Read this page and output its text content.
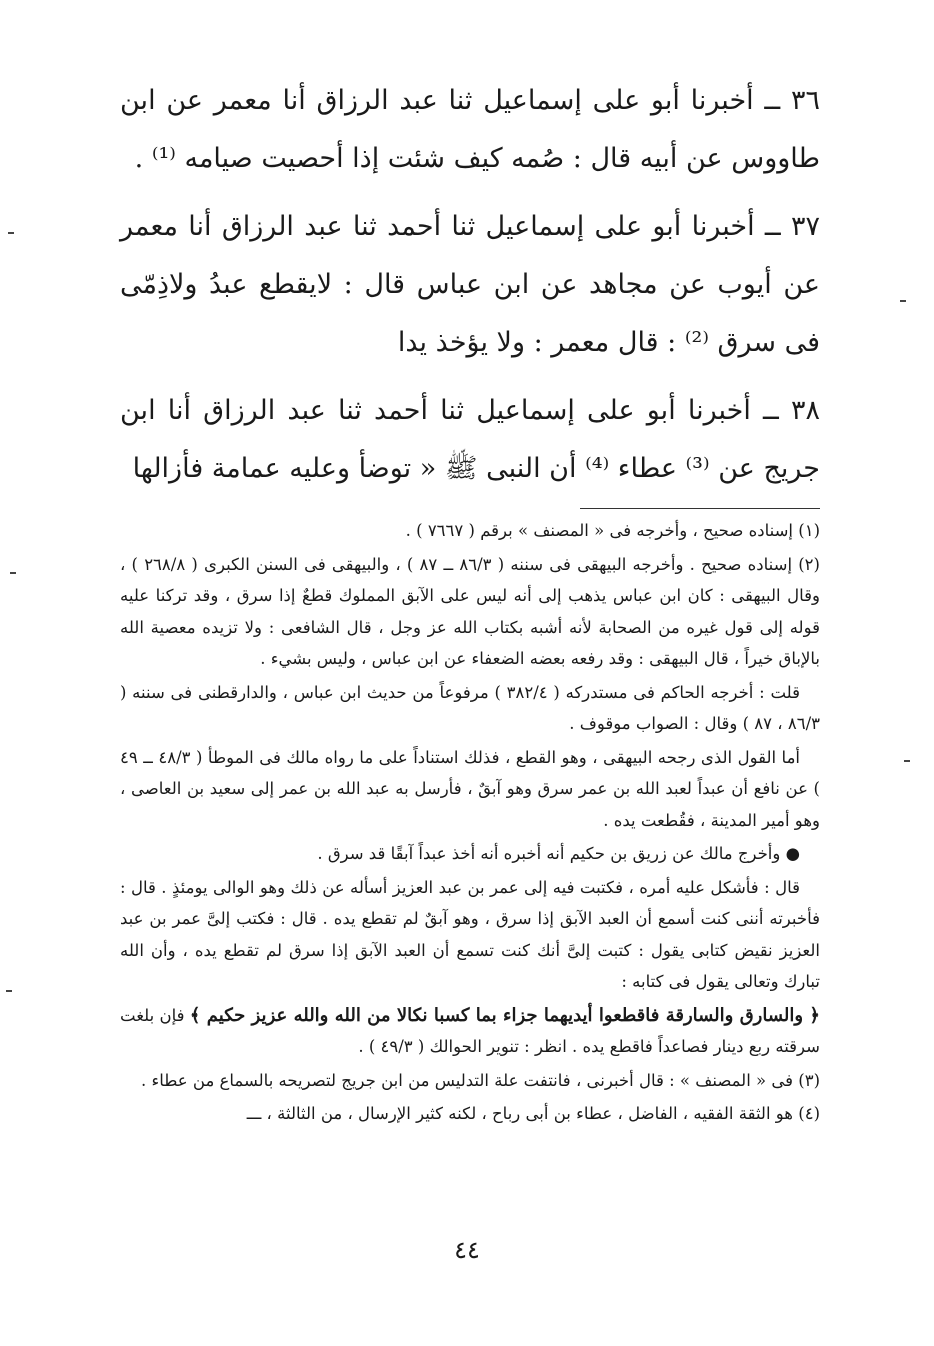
٣٦ ــ أخبرنا أبو على إسماعيل ثنا عبد الرزاق أنا معمر عن ابن طاووس عن أبيه قال : صُمه كيف شئت إذا أحصيت صيامه ⁽¹⁾ .

٣٧ ــ أخبرنا أبو على إسماعيل ثنا أحمد ثنا عبد الرزاق أنا معمر عن أيوب عن مجاهد عن ابن عباس قال : لايقطع عبدُ ولاذِمّى فى سرق ⁽²⁾ : قال معمر : ولا يؤخذ يدا

٣٨ ــ أخبرنا أبو على إسماعيل ثنا أحمد ثنا عبد الرزاق أنا ابن جريج عن ⁽³⁾ عطاء ⁽⁴⁾ أن النبى ﷺ « توضأ وعليه عمامة فأزالها

(١) إسناده صحيح ، وأخرجه فى « المصنف » برقم ( ٧٦٦٧ ) .

(٢) إسناده صحيح . وأخرجه البيهقى فى سننه ( ٨٦/٣ ــ ٨٧ ) ، والبيهقى فى السنن الكبرى ( ٢٦٨/٨ ) ، وقال البيهقى : كان ابن عباس يذهب إلى أنه ليس على الآبق المملوك قطعٌ إذا سرق ، وقد تركنا عليه قوله إلى قول غيره من الصحابة لأنه أشبه بكتاب الله عز وجل ، قال الشافعى : ولا تزيده معصية الله بالإباق خيراً ، قال البيهقى : وقد رفعه بعضه الضعفاء عن ابن عباس ، وليس بشيء .

قلت : أخرجه الحاكم فى مستدركه ( ٣٨٢/٤ ) مرفوعاً من حديث ابن عباس ، والدارقطنى فى سننه ( ٨٦/٣ ، ٨٧ ) وقال : الصواب موقوف .

أما القول الذى رجحه البيهقى ، وهو القطع ، فذلك استناداً على ما رواه مالك فى الموطأ ( ٤٨/٣ ــ ٤٩ ) عن نافع أن عبداً لعبد الله بن عمر سرق وهو آبقٌ ، فأرسل به عبد الله بن عمر إلى سعيد بن العاصى ، وهو أمير المدينة ، فقُطعت يده .

● وأخرج مالك عن زريق بن حكيم أنه أخبره أنه أخذ عبداً آبقًا قد سرق .

قال : فأشكل عليه أمره ، فكتبت فيه إلى عمر بن عبد العزيز أسأله عن ذلك وهو الوالى يومئذٍ . قال : فأخبرته أننى كنت أسمع أن العبد الآبق إذا سرق ، وهو آبقٌ لم تقطع يده . قال : فكتب إلىَّ عمر بن عبد العزيز نقيض كتابى يقول : كتبت إلىَّ أنك كنت تسمع أن العبد الآبق إذا سرق لم تقطع يده ، وأن الله تبارك وتعالى يقول فى كتابه :

﴿ والسارق والسارقة فاقطعوا أيديهما جزاء بما كسبا نكالا من الله والله عزيز حكيم ﴾ فإن بلغت سرقته ربع دينار فصاعداً فاقطع يده . انظر : تنوير الحوالك ( ٤٩/٣ ) .

(٣) فى « المصنف » : قال أخبرنى ، فانتفت علة التدليس من ابن جريج لتصريحه بالسماع من عطاء .

(٤) هو الثقة الفقيه ، الفاضل ، عطاء بن أبى رباح ، لكنه كثير الإرسال ، من الثالثة ، ـــ

٤٤
